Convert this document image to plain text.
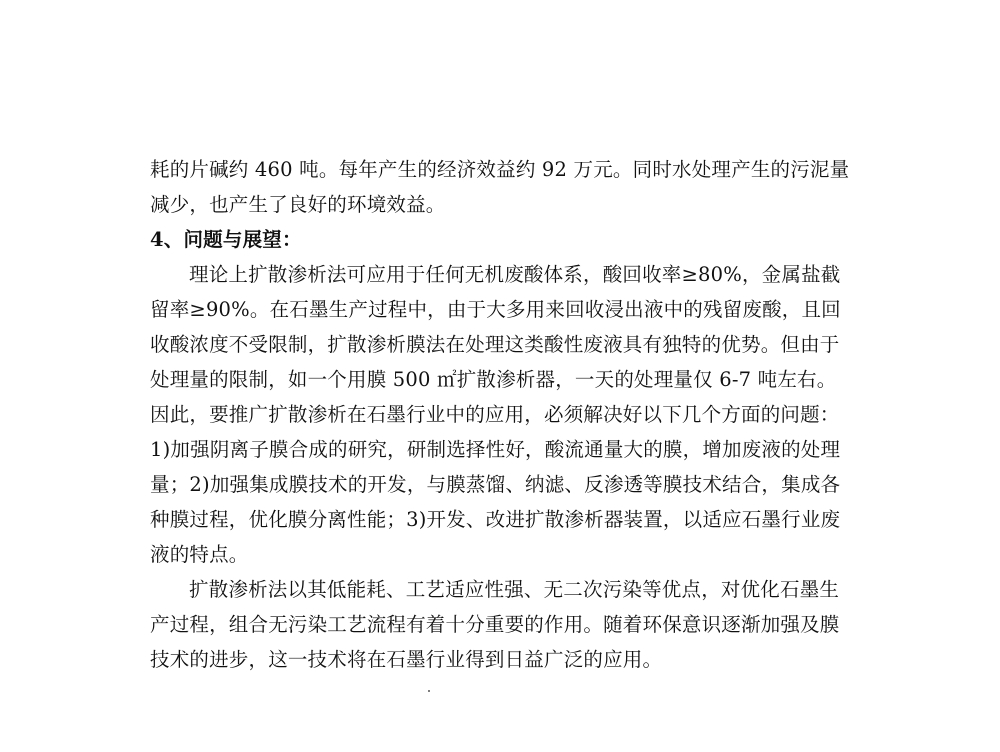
耗的片碱约 460 吨。每年产生的经济效益约 92 万元。同时水处理产生的污泥量
减少，也产生了良好的环境效益。
4、问题与展望：
理论上扩散渗析法可应用于任何无机废酸体系，酸回收率≥80%，金属盐截
留率≥90%。在石墨生产过程中，由于大多用来回收浸出液中的残留废酸，且回
收酸浓度不受限制，扩散渗析膜法在处理这类酸性废液具有独特的优势。但由于
处理量的限制，如一个用膜 500 ㎡扩散渗析器，一天的处理量仅 6-7 吨左右。
因此，要推广扩散渗析在石墨行业中的应用，必须解决好以下几个方面的问题：
1)加强阴离子膜合成的研究，研制选择性好，酸流通量大的膜，增加废液的处理
量；2)加强集成膜技术的开发，与膜蒸馏、纳滤、反渗透等膜技术结合，集成各
种膜过程，优化膜分离性能；3)开发、改进扩散渗析器装置，以适应石墨行业废
液的特点。
扩散渗析法以其低能耗、工艺适应性强、无二次污染等优点，对优化石墨生
产过程，组合无污染工艺流程有着十分重要的作用。随着环保意识逐渐加强及膜
技术的进步，这一技术将在石墨行业得到日益广泛的应用。
